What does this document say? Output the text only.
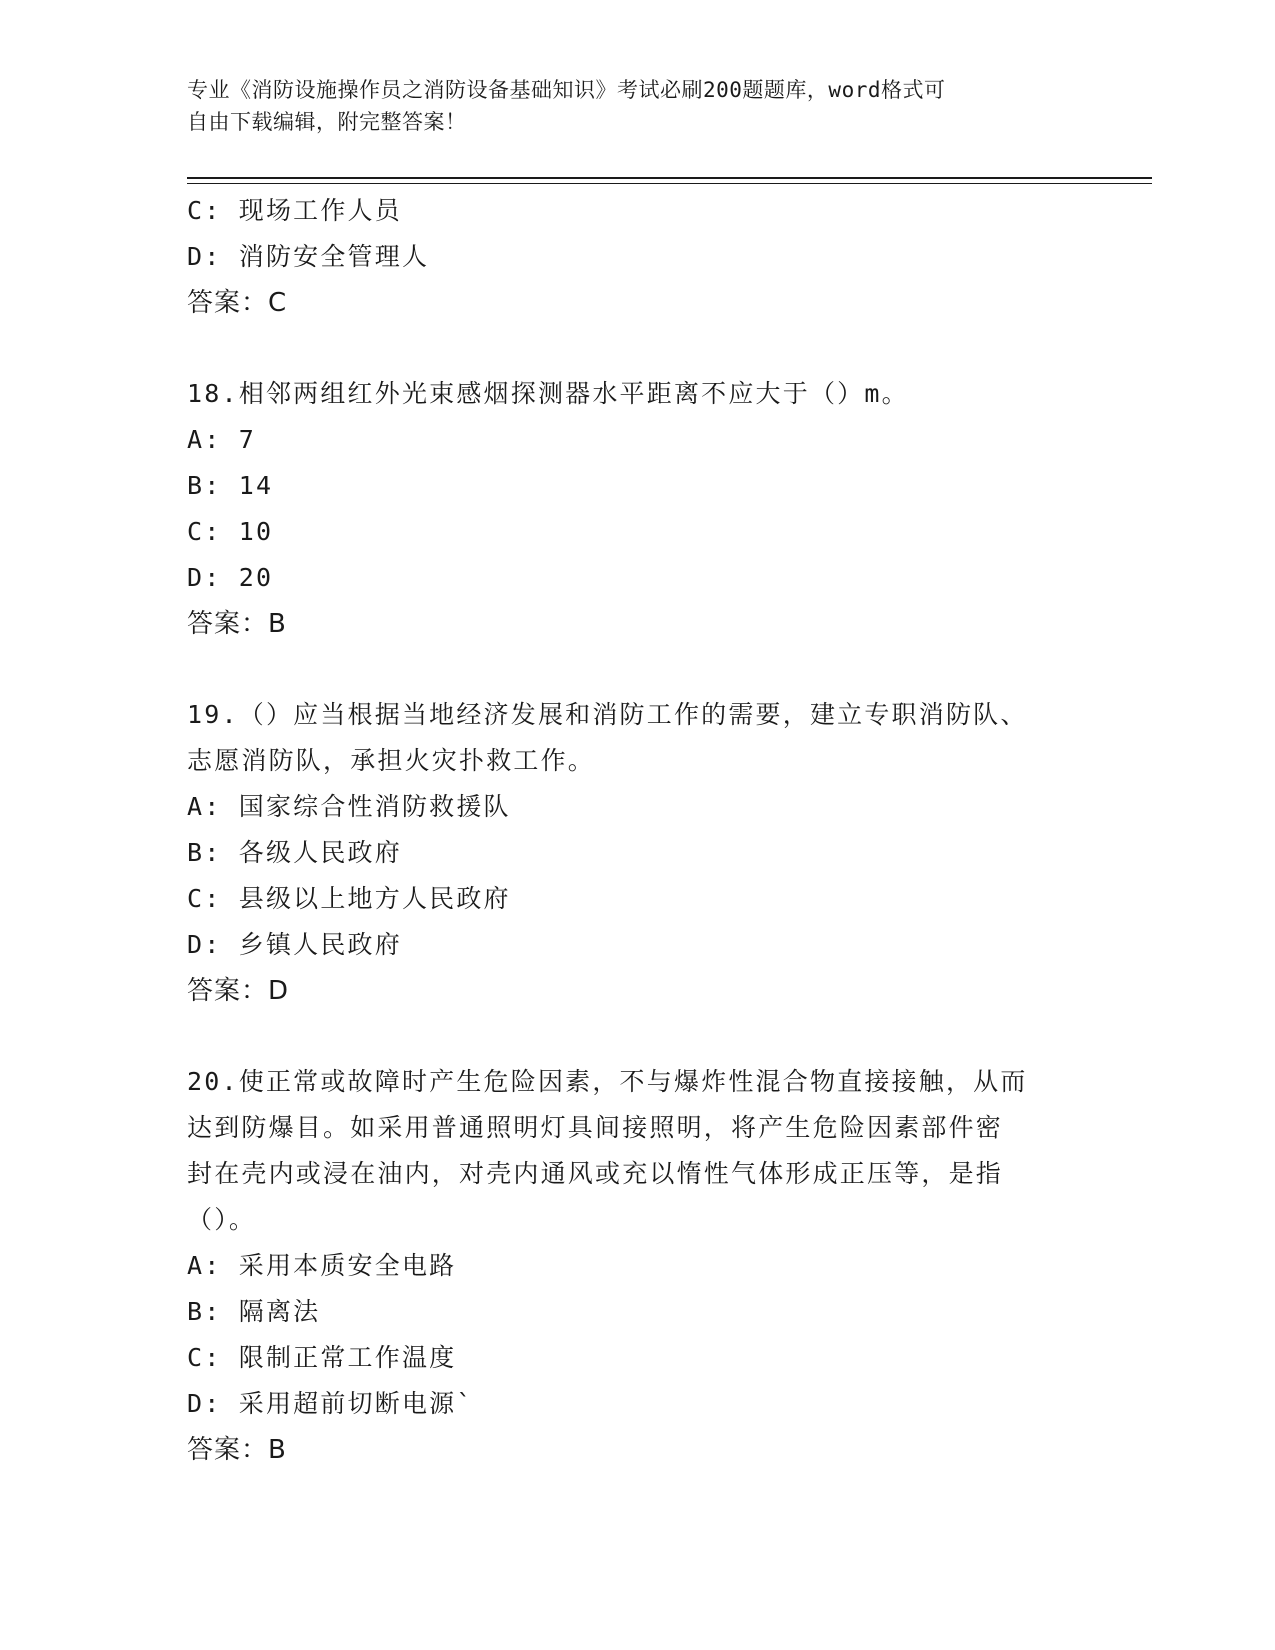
专业《消防设施操作员之消防设备基础知识》考试必刷200题题库，word格式可
自由下载编辑，附完整答案！
C: 现场工作人员
D: 消防安全管理人
答案：C
18.相邻两组红外光束感烟探测器水平距离不应大于（）m。
A: 7
B: 14
C: 10
D: 20
答案：B
19.（）应当根据当地经济发展和消防工作的需要，建立专职消防队、
志愿消防队，承担火灾扑救工作。
A: 国家综合性消防救援队
B: 各级人民政府
C: 县级以上地方人民政府
D: 乡镇人民政府
答案：D
20.使正常或故障时产生危险因素，不与爆炸性混合物直接接触，从而
达到防爆目。如采用普通照明灯具间接照明，将产生危险因素部件密
封在壳内或浸在油内，对壳内通风或充以惰性气体形成正压等，是指
（）。
A: 采用本质安全电路
B: 隔离法
C: 限制正常工作温度
D: 采用超前切断电源`
答案：B
